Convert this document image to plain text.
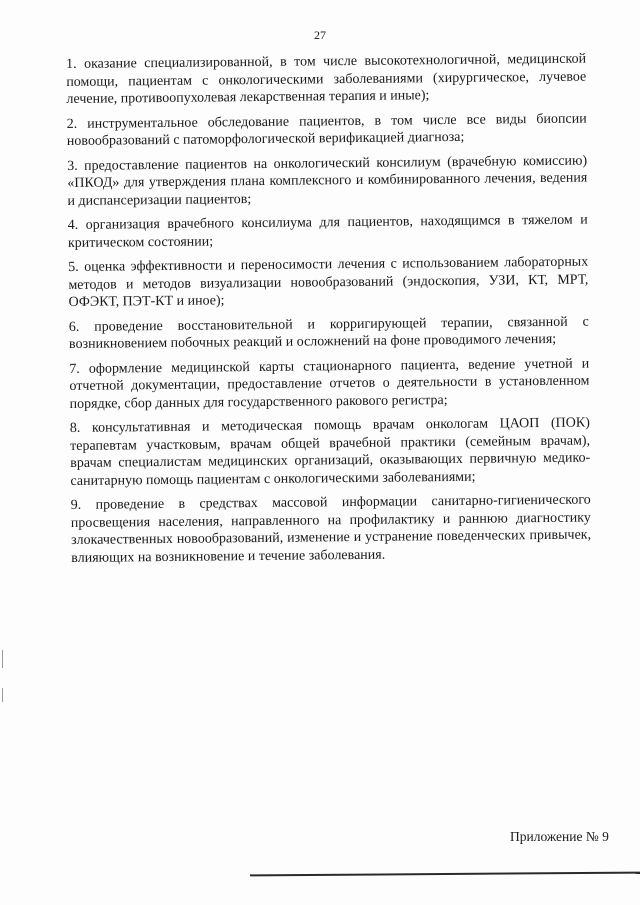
27

1. оказание специализированной, в том числе высокотехнологичной, медицинской помощи, пациентам с онкологическими заболеваниями (хирургическое, лучевое лечение, противоопухолевая лекарственная терапия и иные);

2. инструментальное обследование пациентов, в том числе все виды биопсии новообразований с патоморфологической верификацией диагноза;

3. предоставление пациентов на онкологический консилиум (врачебную комиссию) «ПКОД» для утверждения плана комплексного и комбинированного лечения, ведения и диспансеризации пациентов;

4. организация врачебного консилиума для пациентов, находящимся в тяжелом и критическом состоянии;

5. оценка эффективности и переносимости лечения с использованием лабораторных методов и методов визуализации новообразований (эндоскопия, УЗИ, КТ, МРТ, ОФЭКТ, ПЭТ-КТ и иное);

6. проведение восстановительной и корригирующей терапии, связанной с возникновением побочных реакций и осложнений на фоне проводимого лечения;

7. оформление медицинской карты стационарного пациента, ведение учетной и отчетной документации, предоставление отчетов о деятельности в установленном порядке, сбор данных для государственного ракового регистра;

8. консультативная и методическая помощь врачам онкологам ЦАОП (ПОК) терапевтам участковым, врачам общей врачебной практики (семейным врачам), врачам специалистам медицинских организаций, оказывающих первичную медико-санитарную помощь пациентам с онкологическими заболеваниями;

9. проведение в средствах массовой информации санитарно-гигиенического просвещения населения, направленного на профилактику и раннюю диагностику злокачественных новообразований, изменение и устранение поведенческих привычек, влияющих на возникновение и течение заболевания.

Приложение № 9
